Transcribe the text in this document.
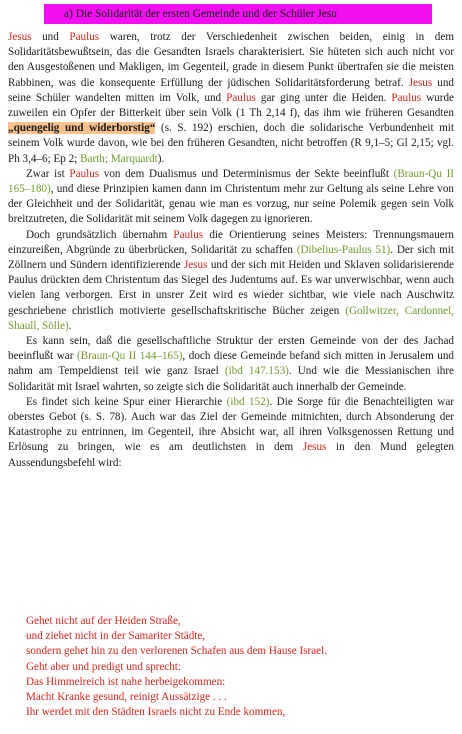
a) Die Solidarität der ersten Gemeinde und der Schüler Jesu

Jesus und Paulus waren, trotz der Verschiedenheit zwischen beiden, einig in dem Solidaritätsbewußtsein, das die Gesandten Israels charakterisiert. Sie hüteten sich auch nicht vor den Ausgestoßenen und Makligen, im Gegenteil, grade in diesem Punkt übertrafen sie die meisten Rabbinen, was die konsequente Erfüllung der jüdischen Solidaritätsforderung betraf. Jesus und seine Schüler wandelten mitten im Volk, und Paulus gar ging unter die Heiden. Paulus wurde zuweilen ein Opfer der Bitterkeit über sein Volk (1 Th 2,14 f), das ihm wie früheren Gesandten „quengelig und widerborstig“ (s. S. 192) erschien, doch die solidarische Verbundenheit mit seinem Volk wurde davon, wie bei den früheren Gesandten, nicht betroffen (R 9,1–5; Gl 2,15; vgl. Ph 3,4–6; Ep 2; Barth; Marquardt).

Zwar ist Paulus von dem Dualismus und Determinismus der Sekte beeinflußt (Braun-Qu II 165–180), und diese Prinzipien kamen dann im Christentum mehr zur Geltung als seine Lehre von der Gleichheit und der Solidarität, genau wie man es vorzug, nur seine Polemik gegen sein Volk breitzutreten, die Solidarität mit seinem Volk dagegen zu ignorieren.

Doch grundsätzlich übernahm Paulus die Orientierung seines Meisters: Trennungsmauern einzureißen, Abgründe zu überbrücken, Solidarität zu schaffen (Dibelius-Paulus 51). Der sich mit Zöllnern und Sündern identifizierende Jesus und der sich mit Heiden und Sklaven solidarisierende Paulus drückten dem Christentum das Siegel des Judentums auf. Es war unverwischbar, wenn auch vielen lang verborgen. Erst in unsrer Zeit wird es wieder sichtbar, wie viele nach Auschwitz geschriebene christlich motivierte gesellschaftskritische Bücher zeigen (Gollwitzer, Cardonnel, Shaull, Sölle).

Es kann sein, daß die gesellschaftliche Struktur der ersten Gemeinde von der des Jachad beeinflußt war (Braun-Qu II 144–165), doch diese Gemeinde befand sich mitten in Jerusalem und nahm am Tempeldienst teil wie ganz Israel (ibd 147.153). Und wie die Messianischen ihre Solidarität mit Israel wahrten, so zeigte sich die Solidarität auch innerhalb der Gemeinde.

Es findet sich keine Spur einer Hierarchie (ibd 152). Die Sorge für die Benachteiligten war oberstes Gebot (s. S. 78). Auch war das Ziel der Gemeinde mitnichten, durch Absonderung der Katastrophe zu entrinnen, im Gegenteil, ihre Absicht war, all ihren Volksgenossen Rettung und Erlösung zu bringen, wie es am deutlichsten in dem Jesus in den Mund gelegten Aussendungsbefehl wird:

Gehet nicht auf der Heiden Straße,
und ziehet nicht in der Samariter Städte,
sondern gehet hin zu den verlorenen Schafen aus dem Hause Israel.
Geht aber und predigt und sprecht:
Das Himmelreich ist nahe herbeigekommen:
Macht Kranke gesund, reinigt Aussätzige . . .
Ihr werdet mit den Städten Israels nicht zu Ende kommen,
